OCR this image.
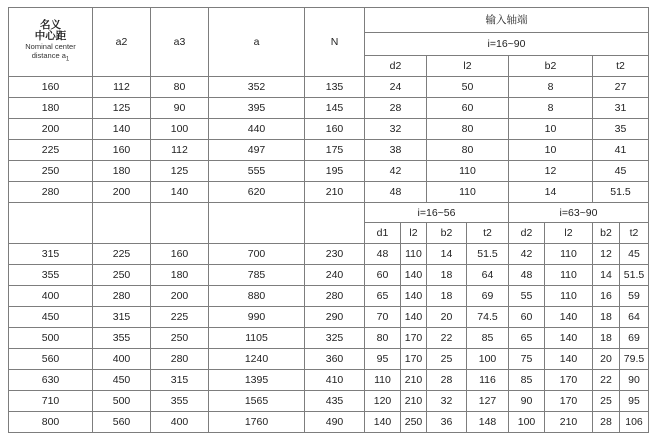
名义
中心距
Nominal center
distance $a_1$	a2	a3	a	N	输入轴端							
					i=16~90							
					d2		l2		b2		t2	
160	112	80	352	135	24		50		8		27	
180	125	90	395	145	28		60		8		31	
200	140	100	440	160	32		80		10		35	
225	160	112	497	175	38		80		10		41	
250	180	125	555	195	42		110		12		45	
280	200	140	620	210	48		110		14		51.5	
					i=16~56				i=63~90			
					d1	l2	b2	t2	d2	l2	b2	t2
315	225	160	700	230	48	110	14	51.5	42	110	12	45
355	250	180	785	240	60	140	18	64	48	110	14	51.5
400	280	200	880	280	65	140	18	69	55	110	16	59
450	315	225	990	290	70	140	20	74.5	60	140	18	64
500	355	250	1105	325	80	170	22	85	65	140	18	69
560	400	280	1240	360	95	170	25	100	75	140	20	79.5
630	450	315	1395	410	110	210	28	116	85	170	22	90
710	500	355	1565	435	120	210	32	127	90	170	25	95
800	560	400	1760	490	140	250	36	148	100	210	28	106
